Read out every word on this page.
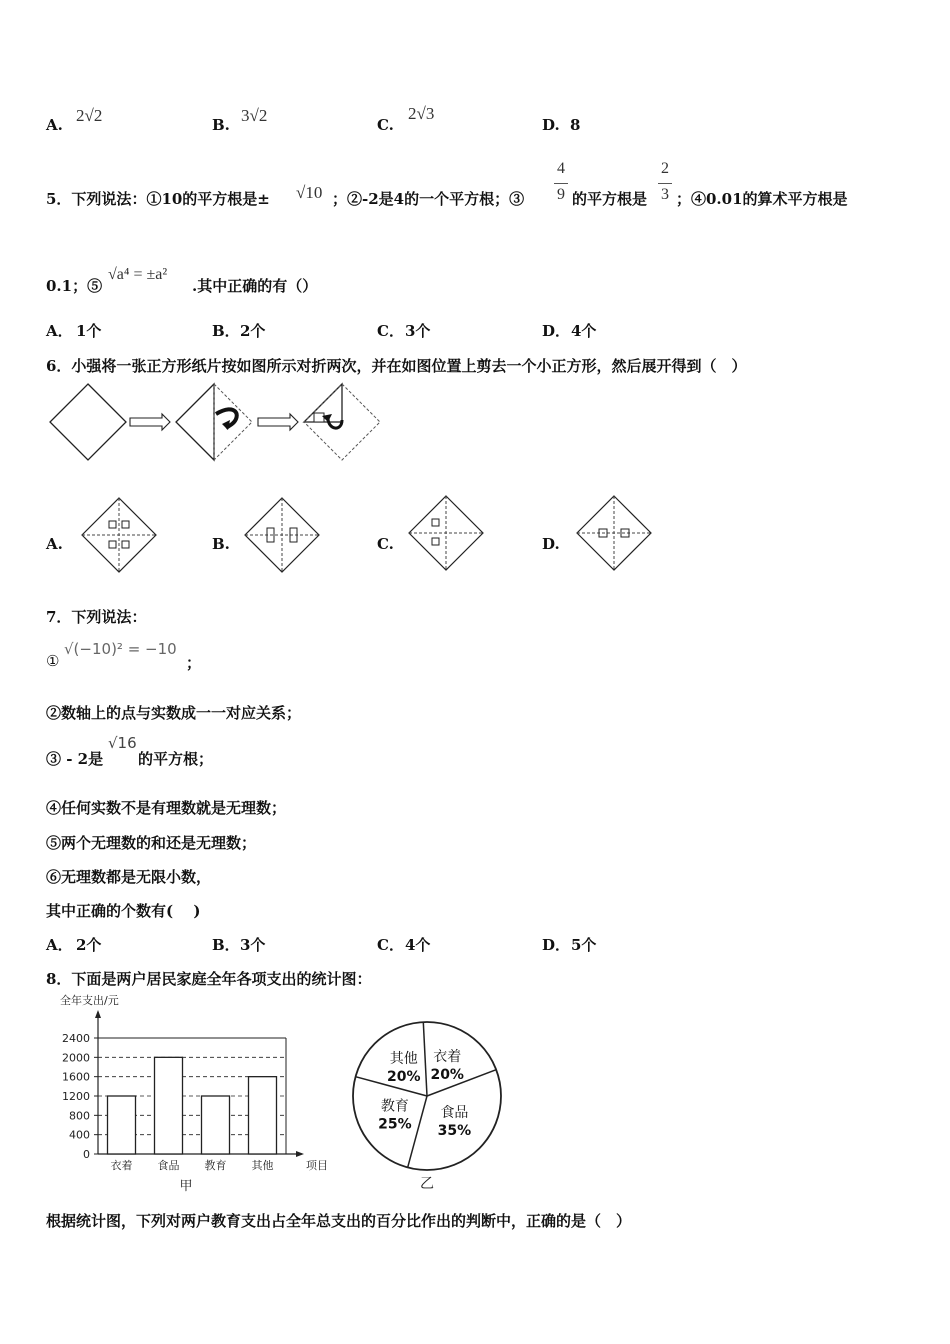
A. 2√2	B. 3√2	C.
2√3
D. 8
5．下列说法：①10的平方根是± √10 ；②-2是4的一个平方根；③
4
9 的平方根是
2
3 ；④0.01的算术平方根是
0.1；⑤
√a⁴ = ±a²
.其中正确的有（）
A． 1个	B． 2个	C． 3个	D． 4个
6．小强将一张正方形纸片按如图所示对折两次，并在如图位置上剪去一个小正方形，然后展开得到（　）
A.	B.	C.	D.
7．下列说法：
①
√(−10)² = −10
；
②数轴上的点与实数成一一对应关系；
③ - 2是
√16
的平方根；
④任何实数不是有理数就是无理数；
⑤两个无理数的和还是无理数；
⑥无理数都是无限小数，
其中正确的个数有(　 )
A． 2个	B． 3个	C． 4个	D． 5个
8．下面是两户居民家庭全年各项支出的统计图：
全年支出/元
0
400
800
1200
1600
2000
2400
衣着 食品 教育 其他	项目
甲
其他
20%
衣着
20%
食品
35%
教育
25%
乙
根据统计图，下列对两户教育支出占全年总支出的百分比作出的判断中，正确的是（　）
